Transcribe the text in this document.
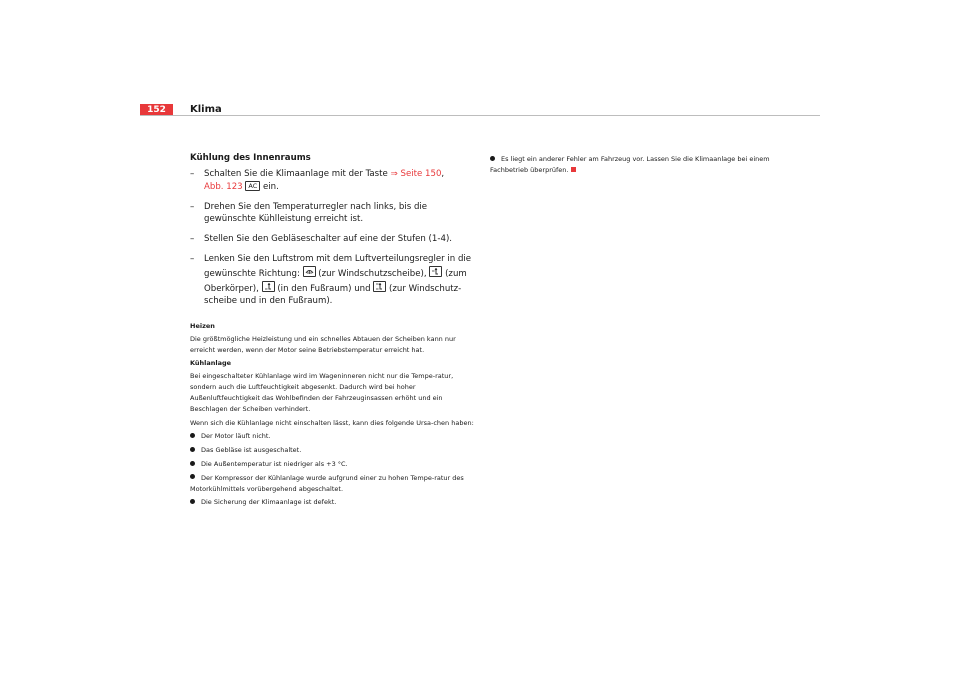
152	Klima
Kühlung des Innenraums
– Schalten Sie die Klimaanlage mit der Taste ⇒ Seite 150,
Abb. 123 AC ein.
– Drehen Sie den Temperaturregler nach links, bis die gewünschte Kühlleistung erreicht ist.
– Stellen Sie den Gebläseschalter auf eine der Stufen (1-4).
– Lenken Sie den Luftstrom mit dem Luftverteilungsregler in die gewünschte Richtung:
(zur Windschutzscheibe),
(zum Oberkörper),
(in den Fußraum) und
(zur Windschutz-scheibe und in den Fußraum).
Heizen
Die größtmögliche Heizleistung und ein schnelles Abtauen der Scheiben kann nur erreicht werden, wenn der Motor seine Betriebstemperatur erreicht hat.
Kühlanlage
Bei eingeschalteter Kühlanlage wird im Wageninneren nicht nur die Tempe-ratur, sondern auch die Luftfeuchtigkeit abgesenkt. Dadurch wird bei hoher Außenluftfeuchtigkeit das Wohlbefinden der Fahrzeuginsassen erhöht und ein Beschlagen der Scheiben verhindert.
Wenn sich die Kühlanlage nicht einschalten lässt, kann dies folgende Ursa-chen haben:
Der Motor läuft nicht.
Das Gebläse ist ausgeschaltet.
Die Außentemperatur ist niedriger als +3 °C.
Der Kompressor der Kühlanlage wurde aufgrund einer zu hohen Tempe-ratur des Motorkühlmittels vorübergehend abgeschaltet.
Die Sicherung der Klimaanlage ist defekt.
Es liegt ein anderer Fehler am Fahrzeug vor. Lassen Sie die Klimaanlage bei einem Fachbetrieb überprüfen.
